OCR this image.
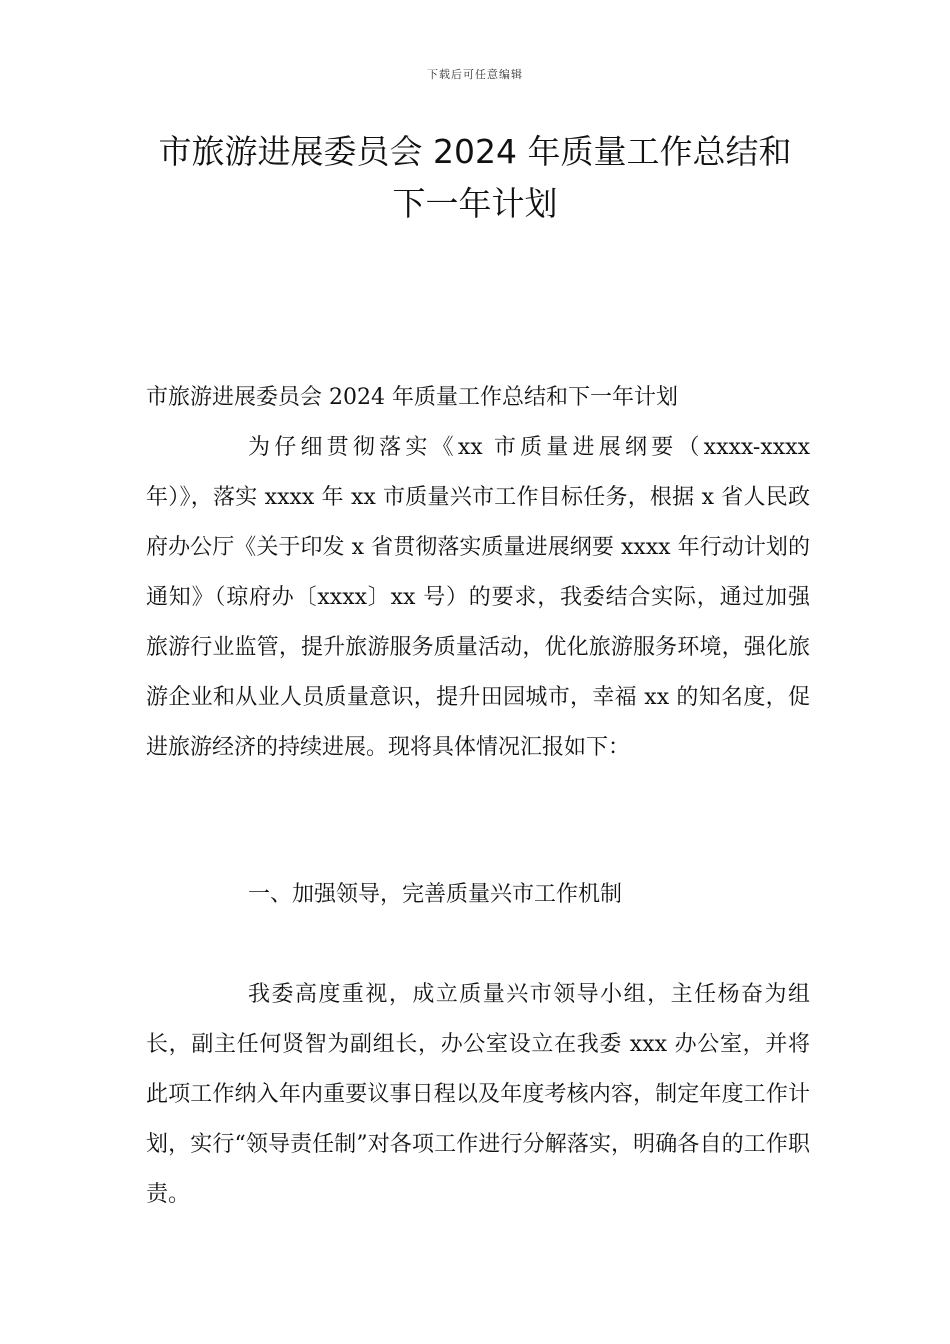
下载后可任意编辑
市旅游进展委员会 2024 年质量工作总结和
下一年计划

市旅游进展委员会 2024 年质量工作总结和下一年计划

为仔细贯彻落实《xx 市质量进展纲要（xxxx-xxxx 年）》，落实 xxxx 年 xx 市质量兴市工作目标任务，根据 x 省人民政府办公厅《关于印发 x 省贯彻落实质量进展纲要 xxxx 年行动计划的通知》（琼府办〔xxxx〕xx 号）的要求，我委结合实际，通过加强旅游行业监管，提升旅游服务质量活动，优化旅游服务环境，强化旅游企业和从业人员质量意识，提升田园城市，幸福 xx 的知名度，促进旅游经济的持续进展。现将具体情况汇报如下：

一、加强领导，完善质量兴市工作机制

我委高度重视，成立质量兴市领导小组，主任杨奋为组长，副主任何贤智为副组长，办公室设立在我委 xxx 办公室，并将此项工作纳入年内重要议事日程以及年度考核内容，制定年度工作计划，实行“领导责任制”对各项工作进行分解落实，明确各自的工作职责。
